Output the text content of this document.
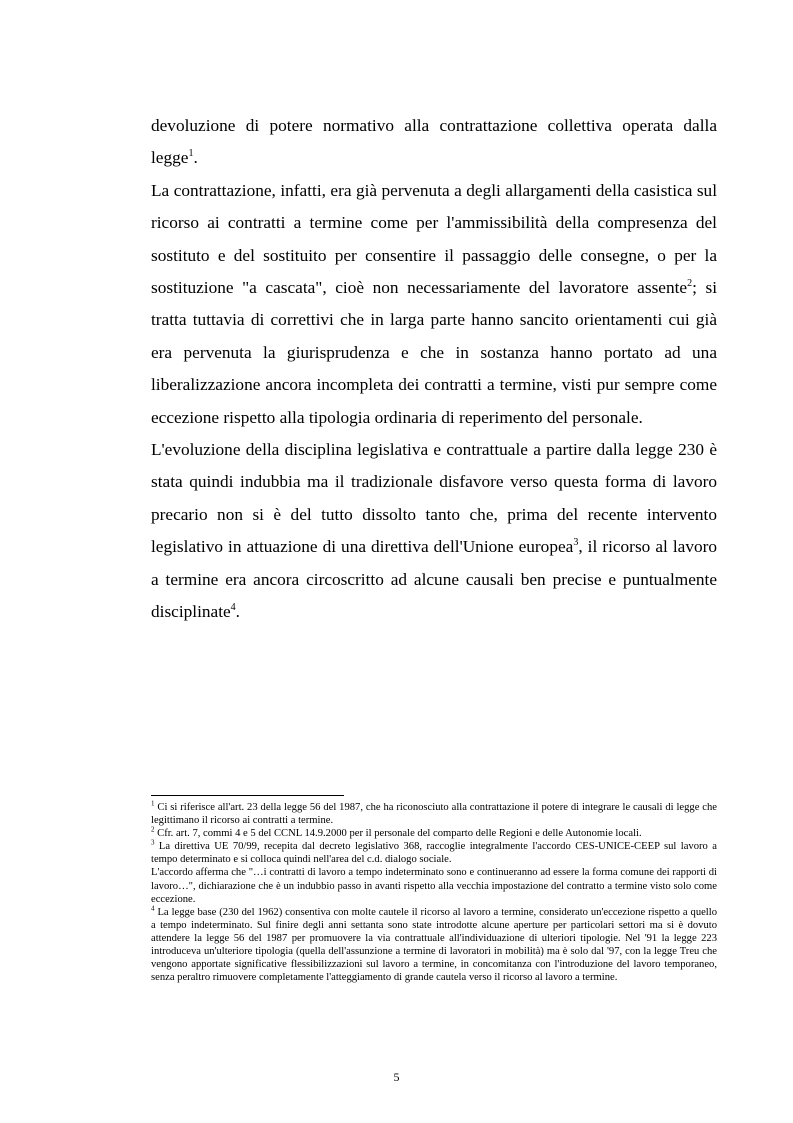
devoluzione di potere normativo alla contrattazione collettiva operata dalla legge$^1$.

La contrattazione, infatti, era già pervenuta a degli allargamenti della casistica sul ricorso ai contratti a termine come per l'ammissibilità della compresenza del sostituto e del sostituito per consentire il passaggio delle consegne, o per la sostituzione "a cascata", cioè non necessariamente del lavoratore assente$^2$; si tratta tuttavia di correttivi che in larga parte hanno sancito orientamenti cui già era pervenuta la giurisprudenza e che in sostanza hanno portato ad una liberalizzazione ancora incompleta dei contratti a termine, visti pur sempre come eccezione rispetto alla tipologia ordinaria di reperimento del personale.

L'evoluzione della disciplina legislativa e contrattuale a partire dalla legge 230 è stata quindi indubbia ma il tradizionale disfavore verso questa forma di lavoro precario non si è del tutto dissolto tanto che, prima del recente intervento legislativo in attuazione di una direttiva dell'Unione europea$^3$, il ricorso al lavoro a termine era ancora circoscritto ad alcune causali ben precise e puntualmente disciplinate$^4$.

$^1$ Ci si riferisce all'art. 23 della legge 56 del 1987, che ha riconosciuto alla contrattazione il potere di integrare le causali di legge che legittimano il ricorso ai contratti a termine.

$^2$ Cfr. art. 7, commi 4 e 5 del CCNL 14.9.2000 per il personale del comparto delle Regioni e delle Autonomie locali.

$^3$ La direttiva UE 70/99, recepita dal decreto legislativo 368, raccoglie integralmente l'accordo CES-UNICE-CEEP sul lavoro a tempo determinato e si colloca quindi nell'area del c.d. dialogo sociale.

L'accordo afferma che "…i contratti di lavoro a tempo indeterminato sono e continueranno ad essere la forma comune dei rapporti di lavoro…", dichiarazione che è un indubbio passo in avanti rispetto alla vecchia impostazione del contratto a termine visto solo come eccezione.

$^4$ La legge base (230 del 1962) consentiva con molte cautele il ricorso al lavoro a termine, considerato un'eccezione rispetto a quello a tempo indeterminato. Sul finire degli anni settanta sono state introdotte alcune aperture per particolari settori ma si è dovuto attendere la legge 56 del 1987 per promuovere la via contrattuale all'individuazione di ulteriori tipologie. Nel '91 la legge 223 introduceva un'ulteriore tipologia (quella dell'assunzione a termine di lavoratori in mobilità) ma è solo dal '97, con la legge Treu che vengono apportate significative flessibilizzazioni sul lavoro a termine, in concomitanza con l'introduzione del lavoro temporaneo, senza peraltro rimuovere completamente l'atteggiamento di grande cautela verso il ricorso al lavoro a termine.

5
